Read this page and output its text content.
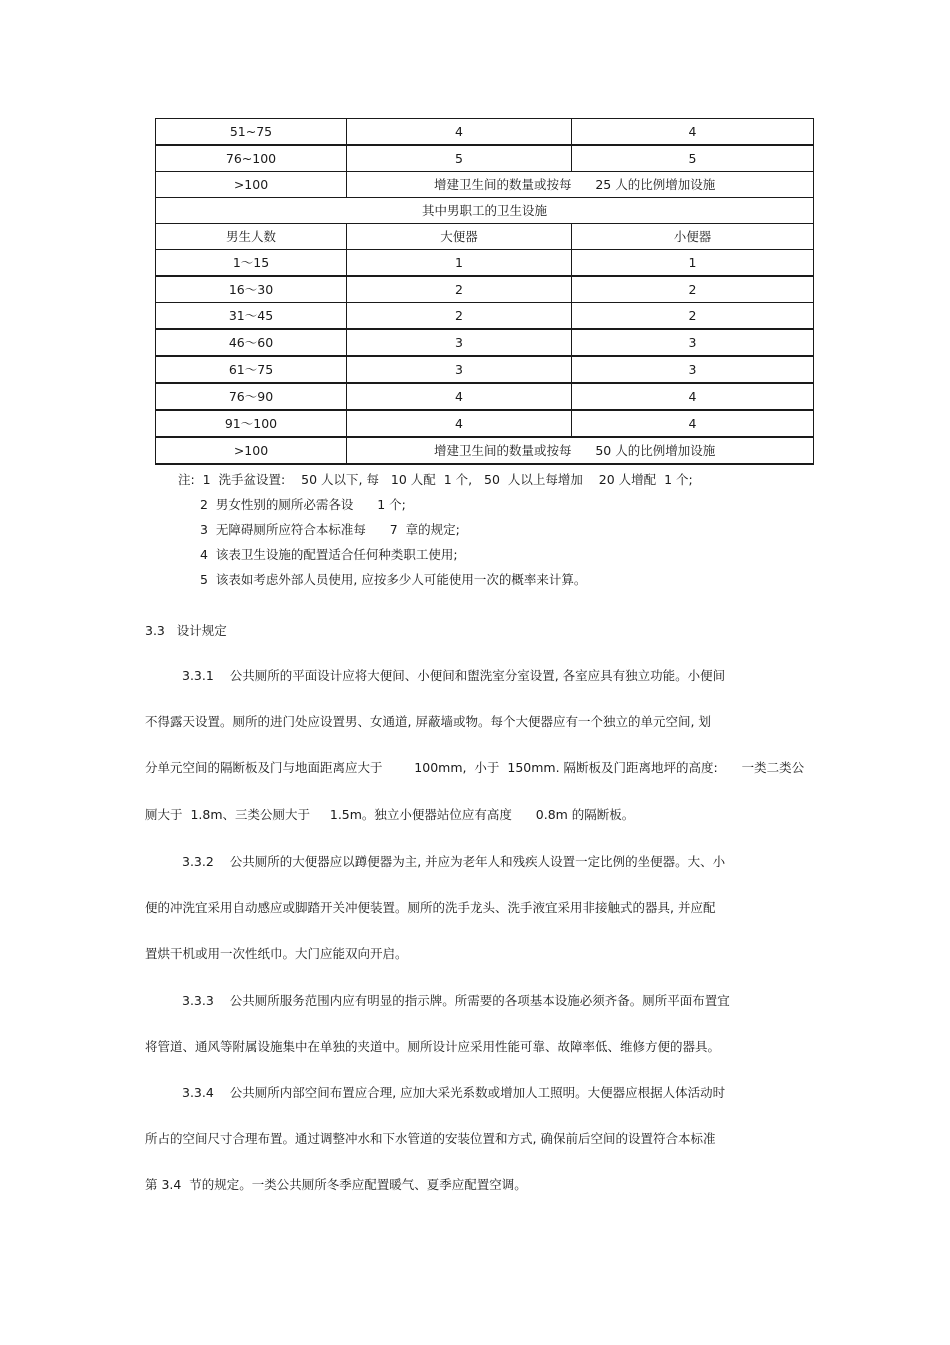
51~75	4	4
76~100	5	5
>100	增建卫生间的数量或按每      25 人的比例增加设施	
其中男职工的卫生设施		
男生人数	大便器	小便器
1～15	1	1
16～30	2	2
31～45	2	2
46～60	3	3
61～75	3	3
76～90	4	4
91～100	4	4
>100	增建卫生间的数量或按每      50 人的比例增加设施	
注:  1  洗手盆设置:    50 人以下, 每   10 人配  1 个,   50  人以上每增加    20 人增配  1 个;
2  男女性别的厕所必需各设      1 个;
3  无障碍厕所应符合本标准每      7  章的规定;
4  该表卫生设施的配置适合任何种类职工使用;
5  该表如考虑外部人员使用, 应按多少人可能使用一次的概率来计算。
3.3   设计规定
3.3.1    公共厕所的平面设计应将大便间、小便间和盥洗室分室设置, 各室应具有独立功能。小便间
不得露天设置。厕所的进门处应设置男、女通道, 屏蔽墙或物。每个大便器应有一个独立的单元空间, 划
分单元空间的隔断板及门与地面距离应大于        100mm,  小于  150mm. 隔断板及门距离地坪的高度:      一类二类公
厕大于  1.8m、三类公厕大于     1.5m。独立小便器站位应有高度      0.8m 的隔断板。
3.3.2    公共厕所的大便器应以蹲便器为主, 并应为老年人和残疾人设置一定比例的坐便器。大、小
便的冲洗宜采用自动感应或脚踏开关冲便装置。厕所的洗手龙头、洗手液宜采用非接触式的器具, 并应配
置烘干机或用一次性纸巾。大门应能双向开启。
3.3.3    公共厕所服务范围内应有明显的指示牌。所需要的各项基本设施必须齐备。厕所平面布置宜
将管道、通风等附属设施集中在单独的夹道中。厕所设计应采用性能可靠、故障率低、维修方便的器具。
3.3.4    公共厕所内部空间布置应合理, 应加大采光系数或增加人工照明。大便器应根据人体活动时
所占的空间尺寸合理布置。通过调整冲水和下水管道的安装位置和方式, 确保前后空间的设置符合本标准
第 3.4  节的规定。一类公共厕所冬季应配置暖气、夏季应配置空调。
